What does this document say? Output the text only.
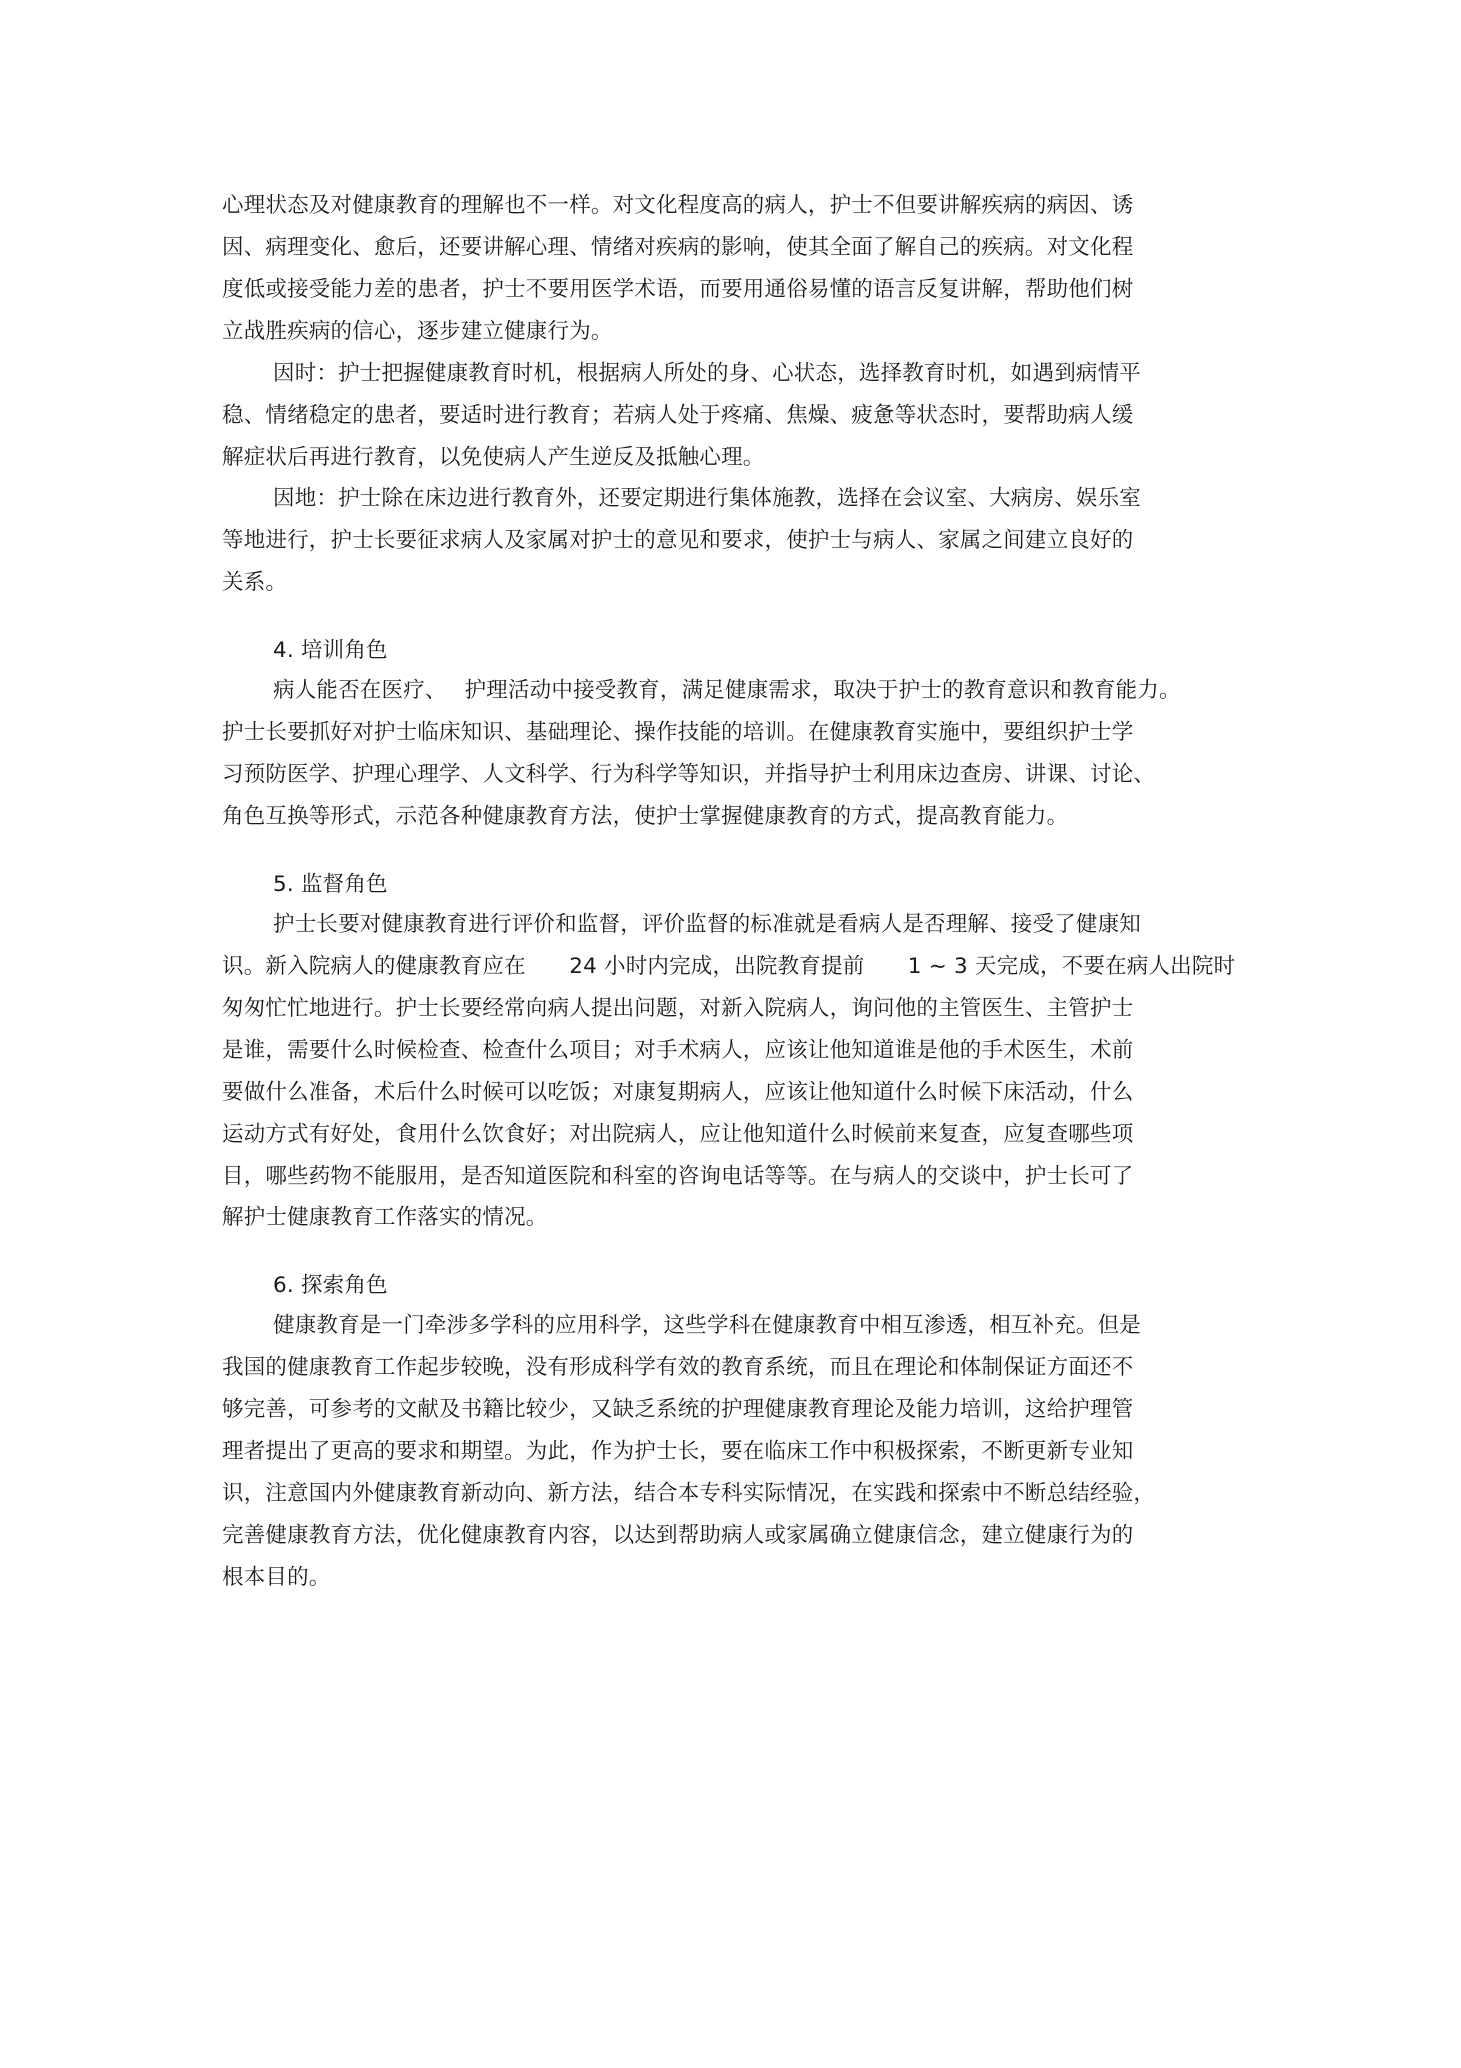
心理状态及对健康教育的理解也不一样。对文化程度高的病人，护士不但要讲解疾病的病因、诱
因、病理变化、愈后，还要讲解心理、情绪对疾病的影响，使其全面了解自己的疾病。对文化程
度低或接受能力差的患者，护士不要用医学术语，而要用通俗易懂的语言反复讲解，帮助他们树
立战胜疾病的信心，逐步建立健康行为。
因时：护士把握健康教育时机，根据病人所处的身、心状态，选择教育时机，如遇到病情平
稳、情绪稳定的患者，要适时进行教育；若病人处于疼痛、焦燥、疲惫等状态时，要帮助病人缓
解症状后再进行教育，以免使病人产生逆反及抵触心理。
因地：护士除在床边进行教育外，还要定期进行集体施教，选择在会议室、大病房、娱乐室
等地进行，护士长要征求病人及家属对护士的意见和要求，使护士与病人、家属之间建立良好的
关系。
4. 培训角色
病人能否在医疗、　 护理活动中接受教育，满足健康需求，取决于护士的教育意识和教育能力。
护士长要抓好对护士临床知识、基础理论、操作技能的培训。在健康教育实施中，要组织护士学
习预防医学、护理心理学、人文科学、行为科学等知识，并指导护士利用床边查房、讲课、讨论、
角色互换等形式，示范各种健康教育方法，使护士掌握健康教育的方式，提高教育能力。
5. 监督角色
护士长要对健康教育进行评价和监督，评价监督的标准就是看病人是否理解、接受了健康知
识。新入院病人的健康教育应在　　24 小时内完成，出院教育提前　　1 ~ 3 天完成，不要在病人出院时
匆匆忙忙地进行。护士长要经常向病人提出问题，对新入院病人，询问他的主管医生、主管护士
是谁，需要什么时候检查、检查什么项目；对手术病人，应该让他知道谁是他的手术医生，术前
要做什么准备，术后什么时候可以吃饭；对康复期病人，应该让他知道什么时候下床活动，什么
运动方式有好处，食用什么饮食好；对出院病人，应让他知道什么时候前来复查，应复查哪些项
目，哪些药物不能服用，是否知道医院和科室的咨询电话等等。在与病人的交谈中，护士长可了
解护士健康教育工作落实的情况。
6. 探索角色
健康教育是一门牵涉多学科的应用科学，这些学科在健康教育中相互渗透，相互补充。但是
我国的健康教育工作起步较晚，没有形成科学有效的教育系统，而且在理论和体制保证方面还不
够完善，可参考的文献及书籍比较少，又缺乏系统的护理健康教育理论及能力培训，这给护理管
理者提出了更高的要求和期望。为此，作为护士长，要在临床工作中积极探索，不断更新专业知
识，注意国内外健康教育新动向、新方法，结合本专科实际情况，在实践和探索中不断总结经验，
完善健康教育方法，优化健康教育内容，以达到帮助病人或家属确立健康信念，建立健康行为的
根本目的。
